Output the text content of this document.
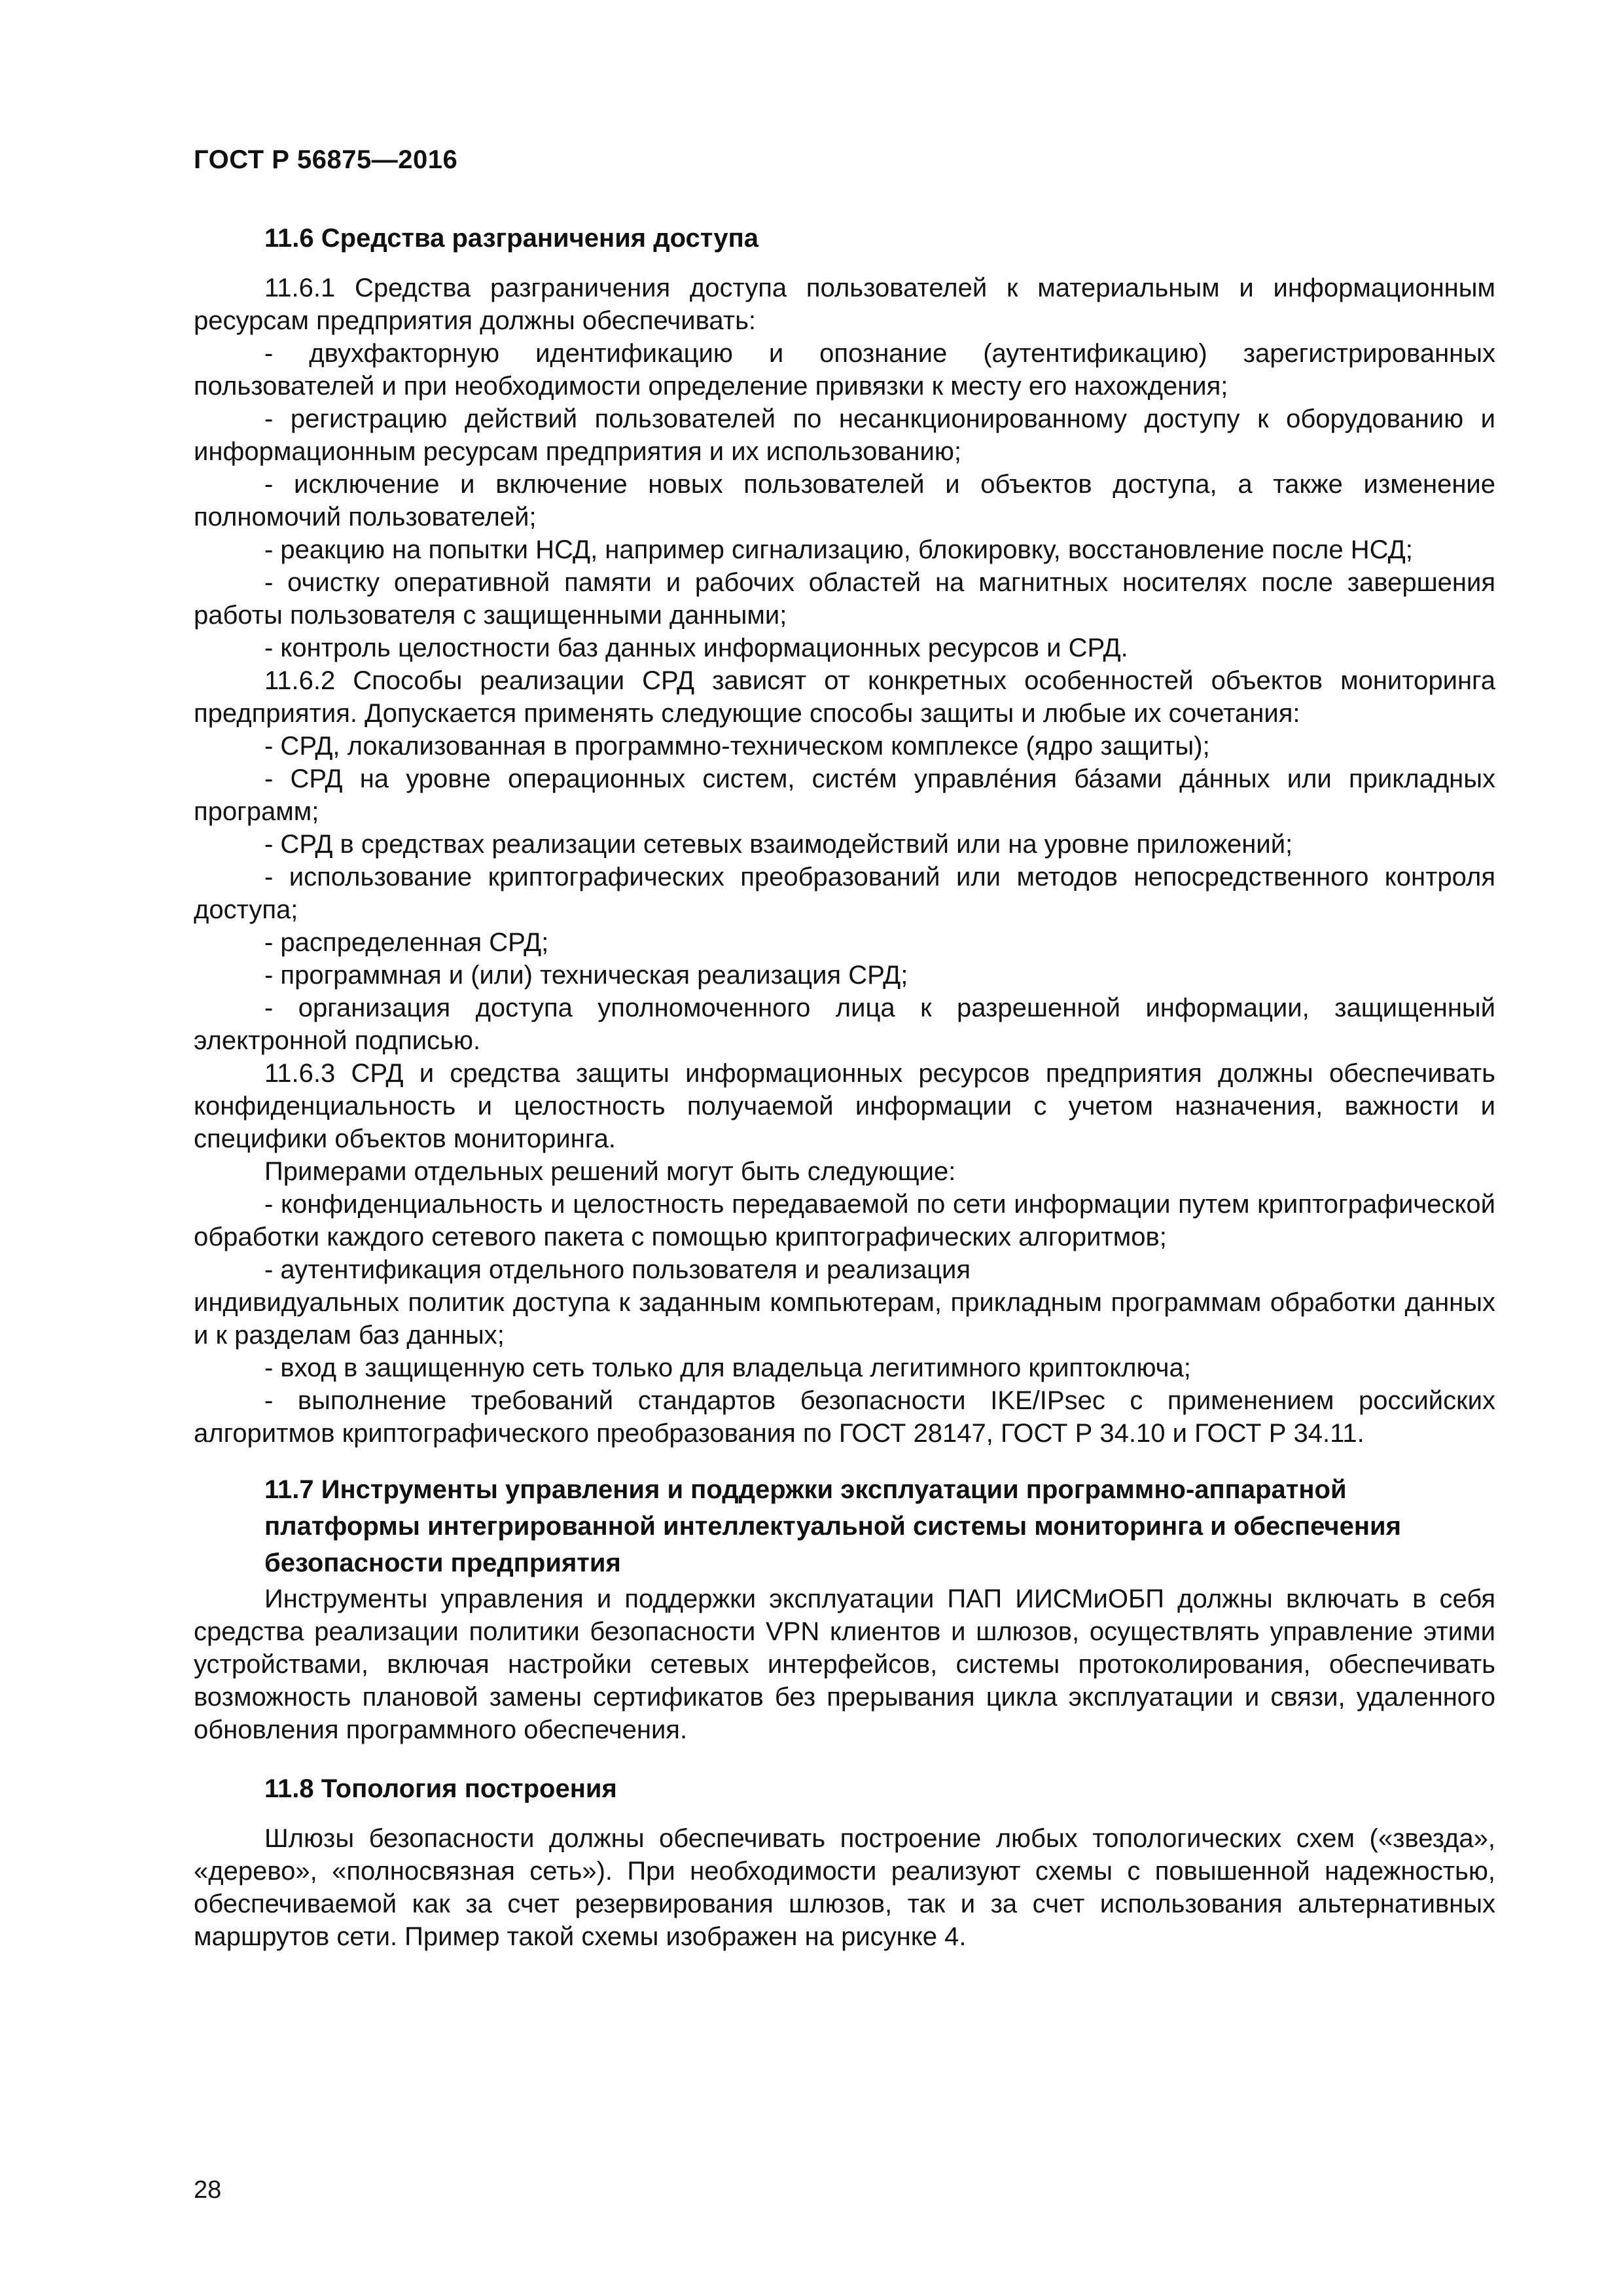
ГОСТ Р 56875—2016
11.6 Средства разграничения доступа

11.6.1 Средства разграничения доступа пользователей к материальным и информационным ресурсам предприятия должны обеспечивать:

- двухфакторную идентификацию и опознание (аутентификацию) зарегистрированных пользователей и при необходимости определение привязки к месту его нахождения;

- регистрацию действий пользователей по несанкционированному доступу к оборудованию и информационным ресурсам предприятия и их использованию;

- исключение и включение новых пользователей и объектов доступа, а также изменение полномочий пользователей;

- реакцию на попытки НСД, например сигнализацию, блокировку, восстановление после НСД;

- очистку оперативной памяти и рабочих областей на магнитных носителях после завершения работы пользователя с защищенными данными;

- контроль целостности баз данных информационных ресурсов и СРД.

11.6.2 Способы реализации СРД зависят от конкретных особенностей объектов мониторинга предприятия. Допускается применять следующие способы защиты и любые их сочетания:

- СРД, локализованная в программно-техническом комплексе (ядро защиты);

- СРД на уровне операционных систем, систе́м управле́ния ба́зами да́нных или прикладных программ;

- СРД в средствах реализации сетевых взаимодействий или на уровне приложений;

- использование криптографических преобразований или методов непосредственного контроля доступа;

- распределенная СРД;

- программная и (или) техническая реализация СРД;

- организация доступа уполномоченного лица к разрешенной информации, защищенный электронной подписью.

11.6.3 СРД и средства защиты информационных ресурсов предприятия должны обеспечивать конфиденциальность и целостность получаемой информации с учетом назначения, важности и специфики объектов мониторинга.

Примерами отдельных решений могут быть следующие:

- конфиденциальность и целостность передаваемой по сети информации путем криптографической обработки каждого сетевого пакета с помощью криптографических алгоритмов;

- аутентификация отдельного пользователя и реализация

индивидуальных политик доступа к заданным компьютерам, прикладным программам обработки данных и к разделам баз данных;

- вход в защищенную сеть только для владельца легитимного криптоключа;

- выполнение требований стандартов безопасности IKE/IPsec с применением российских алгоритмов криптографического преобразования по ГОСТ 28147, ГОСТ Р 34.10 и ГОСТ Р 34.11.

11.7 Инструменты управления и поддержки эксплуатации программно-аппаратной платформы интегрированной интеллектуальной системы мониторинга и обеспечения безопасности предприятия

Инструменты управления и поддержки эксплуатации ПАП ИИСМиОБП должны включать в себя средства реализации политики безопасности VPN клиентов и шлюзов, осуществлять управление этими устройствами, включая настройки сетевых интерфейсов, системы протоколирования, обеспечивать возможность плановой замены сертификатов без прерывания цикла эксплуатации и связи, удаленного обновления программного обеспечения.

11.8 Топология построения

Шлюзы безопасности должны обеспечивать построение любых топологических схем («звезда», «дерево», «полносвязная сеть»). При необходимости реализуют схемы с повышенной надежностью, обеспечиваемой как за счет резервирования шлюзов, так и за счет использования альтернативных маршрутов сети. Пример такой схемы изображен на рисунке 4.

28
